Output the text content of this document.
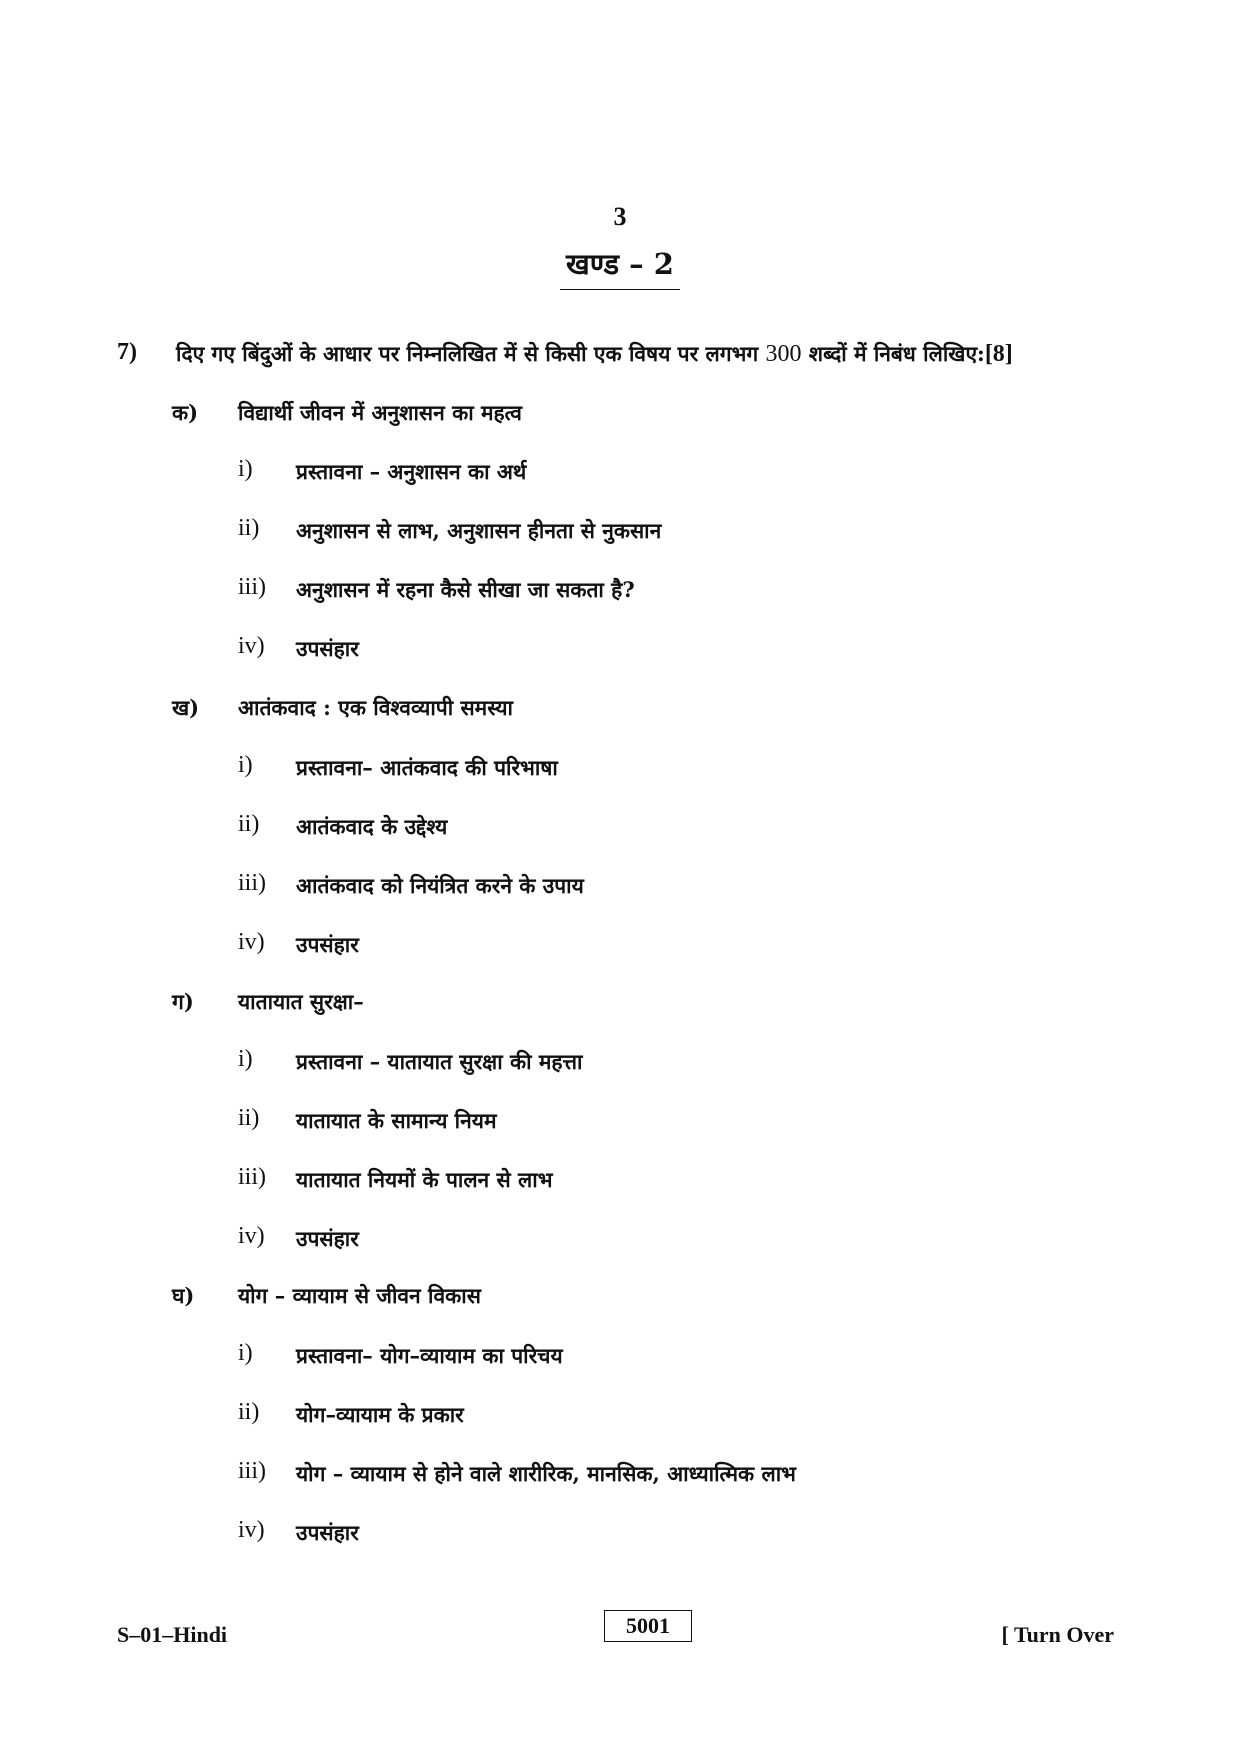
3
खण्ड – 2
7) दिए गए बिंदुओं के आधार पर निम्नलिखित में से किसी एक विषय पर लगभग 300 शब्दों में निबंध लिखिए:[8]
क) विद्यार्थी जीवन में अनुशासन का महत्व
i) प्रस्तावना – अनुशासन का अर्थ
ii) अनुशासन से लाभ, अनुशासन हीनता से नुकसान
iii) अनुशासन में रहना कैसे सीखा जा सकता है?
iv) उपसंहार
ख) आतंकवाद : एक विश्वव्यापी समस्या
i) प्रस्तावना– आतंकवाद की परिभाषा
ii) आतंकवाद के उद्देश्य
iii) आतंकवाद को नियंत्रित करने के उपाय
iv) उपसंहार
ग) यातायात सुरक्षा–
i) प्रस्तावना – यातायात सुरक्षा की महत्ता
ii) यातायात के सामान्य नियम
iii) यातायात नियमों के पालन से लाभ
iv) उपसंहार
घ) योग – व्यायाम से जीवन विकास
i) प्रस्तावना– योग–व्यायाम का परिचय
ii) योग–व्यायाम के प्रकार
iii) योग – व्यायाम से होने वाले शारीरिक, मानसिक, आध्यात्मिक लाभ
iv) उपसंहार
S–01–Hindi	5001	[ Turn Over
